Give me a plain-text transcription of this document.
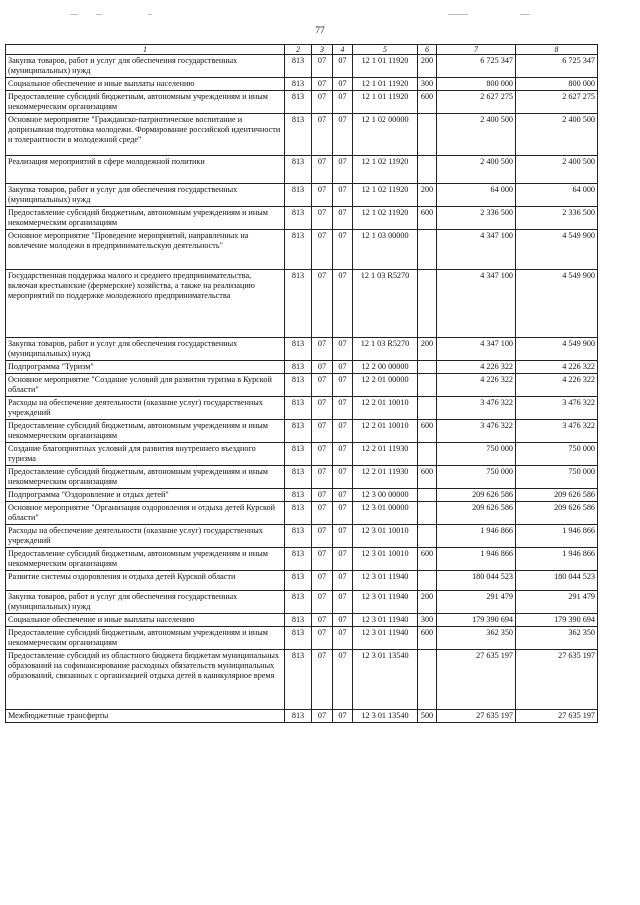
77
1	2	3	4	5	6	7	8
Закупка товаров, работ и услуг для обеспечения государственных (муниципальных) нужд	813	07	07	12 1 01 11920	200	6 725 347	6 725 347
Социальное обеспечение и иные выплаты населению	813	07	07	12 1 01 11920	300	800 000	800 000
Предоставление субсидий бюджетным, автономным учреждениям и иным некоммерческим организациям	813	07	07	12 1 01 11920	600	2 627 275	2 627 275
Основное мероприятие "Гражданско-патриотическое воспитание и допризывная подготовка молодежи. Формирование российской идентичности и толерантности в молодежной среде"	813	07	07	12 1 02 00000		2 400 500	2 400 500
Реализация мероприятий в сфере молодежной политики	813	07	07	12 1 02 11920		2 400 500	2 400 500
Закупка товаров, работ и услуг для обеспечения государственных (муниципальных) нужд	813	07	07	12 1 02 11920	200	64 000	64 000
Предоставление субсидий бюджетным, автономным учреждениям и иным некоммерческим организациям	813	07	07	12 1 02 11920	600	2 336 500	2 336 500
Основное мероприятие "Проведение мероприятий, направленных на вовлечение молодежи в предпринимательскую деятельность"	813	07	07	12 1 03 00000		4 347 100	4 549 900
Государственная поддержка малого и среднего предпринимательства, включая крестьянские (фермерские) хозяйства, а также на реализацию мероприятий по поддержке молодежного предпринимательства	813	07	07	12 1 03 R5270		4 347 100	4 549 900
Закупка товаров, работ и услуг для обеспечения государственных (муниципальных) нужд	813	07	07	12 1 03 R5270	200	4 347 100	4 549 900
Подпрограмма "Туризм"	813	07	07	12 2 00 00000		4 226 322	4 226 322
Основное мероприятие "Создание условий для развития туризма в Курской области"	813	07	07	12 2 01 00000		4 226 322	4 226 322
Расходы на обеспечение деятельности (оказание услуг) государственных учреждений	813	07	07	12 2 01 10010		3 476 322	3 476 322
Предоставление субсидий бюджетным, автономным учреждениям и иным некоммерческим организациям	813	07	07	12 2 01 10010	600	3 476 322	3 476 322
Создание благоприятных условий для развития внутреннего въездного туризма	813	07	07	12 2 01 11930		750 000	750 000
Предоставление субсидий бюджетным, автономным учреждениям и иным некоммерческим организациям	813	07	07	12 2 01 11930	600	750 000	750 000
Подпрограмма "Оздоровление и отдых детей"	813	07	07	12 3 00 00000		209 626 586	209 626 586
Основное мероприятие "Организация оздоровления и отдыха детей Курской области"	813	07	07	12 3 01 00000		209 626 586	209 626 586
Расходы на обеспечение деятельности (оказание услуг) государственных учреждений	813	07	07	12 3 01 10010		1 946 866	1 946 866
Предоставление субсидий бюджетным, автономным учреждениям и иным некоммерческим организациям	813	07	07	12 3 01 10010	600	1 946 866	1 946 866
Развитие системы оздоровления и отдыха детей Курской области	813	07	07	12 3 01 11940		180 044 523	180 044 523
Закупка товаров, работ и услуг для обеспечения государственных (муниципальных) нужд	813	07	07	12 3 01 11940	200	291 479	291 479
Социальное обеспечение и иные выплаты населению	813	07	07	12 3 01 11940	300	179 390 694	179 390 694
Предоставление субсидий бюджетным, автономным учреждениям и иным некоммерческим организациям	813	07	07	12 3 01 11940	600	362 350	362 350
Предоставление субсидий из областного бюджета бюджетам муниципальных образований на софинансирование расходных обязательств муниципальных образований, связанных с организацией отдыха детей в каникулярное время	813	07	07	12 3 01 13540		27 635 197	27 635 197
Межбюджетные трансферты	813	07	07	12 3 01 13540	500	27 635 197	27 635 197
